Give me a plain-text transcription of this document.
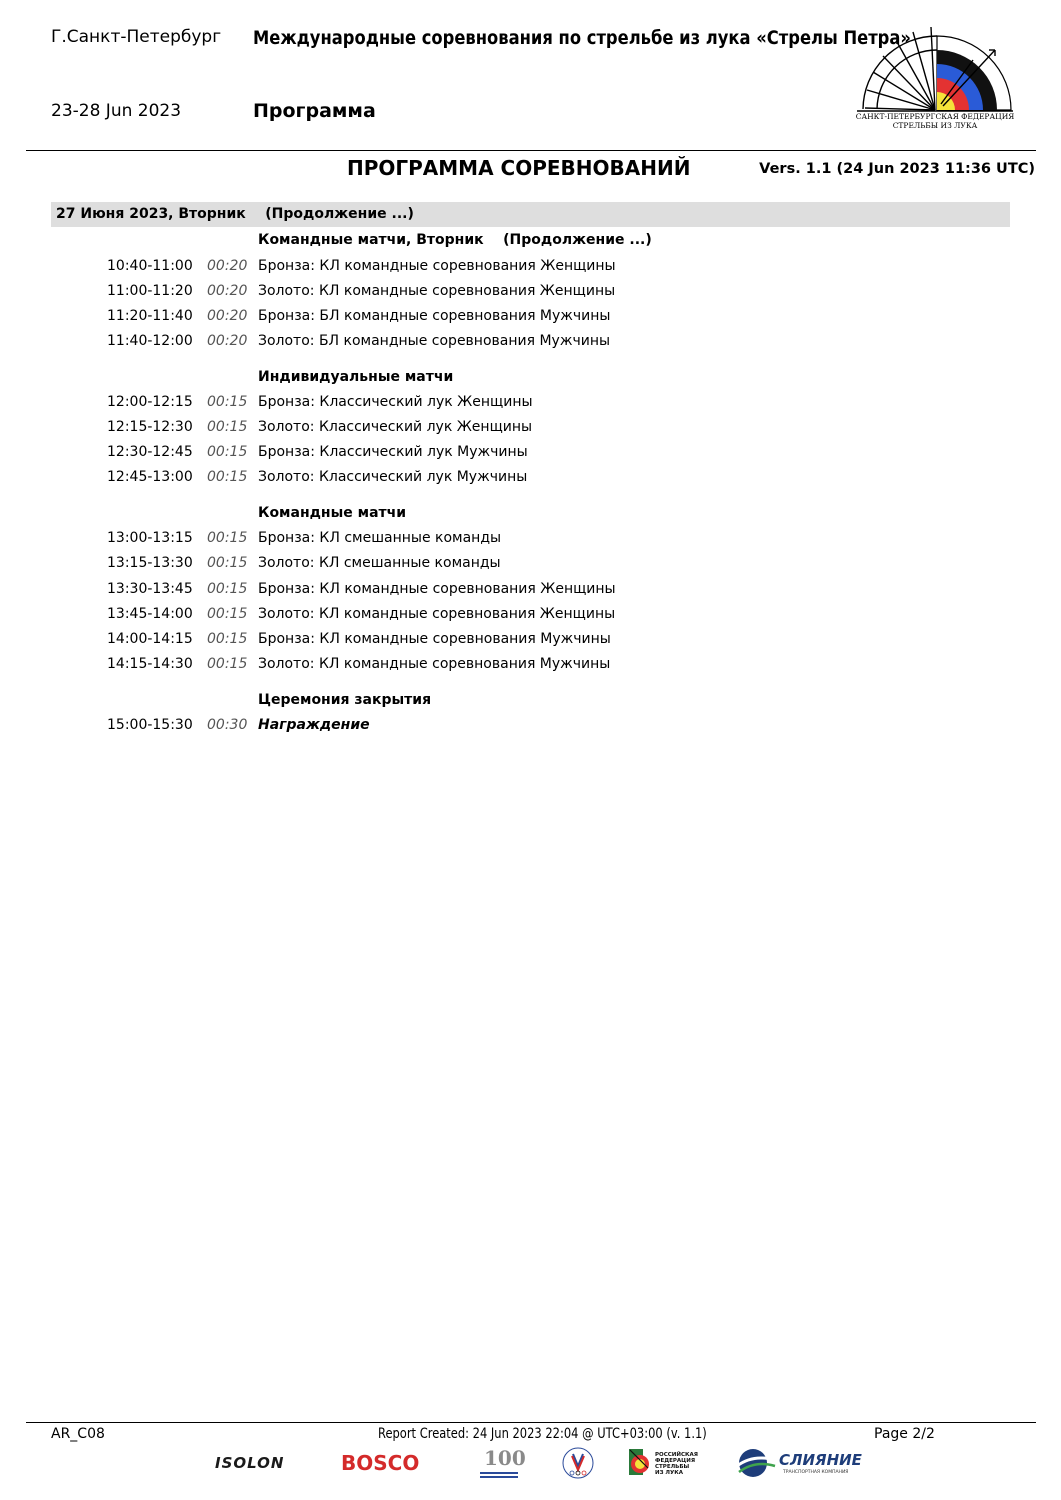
Г.Санкт-Петербург Международные соревнования по стрельбе из лука «Стрелы Петра»
23-28 Jun 2023	Программа	САНКТ-ПЕТЕРБУРГСКАЯ ФЕДЕРАЦИЯ
СТРЕЛЬБЫ ИЗ ЛУКА
ПРОГРАММА СОРЕВНОВАНИЙ	Vers. 1.1 (24 Jun 2023 11:36 UTC)
27 Июня 2023, Вторник    (Продолжение ...)
Командные матчи, Вторник    (Продолжение ...)
10:40-11:00 00:20 Бронза: КЛ командные соревнования Женщины
11:00-11:20 00:20 Золото: КЛ командные соревнования Женщины
11:20-11:40 00:20 Бронза: БЛ командные соревнования Мужчины
11:40-12:00 00:20 Золото: БЛ командные соревнования Мужчины
Индивидуальные матчи
12:00-12:15 00:15 Бронза: Классический лук Женщины
12:15-12:30 00:15 Золото: Классический лук Женщины
12:30-12:45 00:15 Бронза: Классический лук Мужчины
12:45-13:00 00:15 Золото: Классический лук Мужчины
Командные матчи
13:00-13:15 00:15 Бронза: КЛ смешанные команды
13:15-13:30 00:15 Золото: КЛ смешанные команды
13:30-13:45 00:15 Бронза: КЛ командные соревнования Женщины
13:45-14:00 00:15 Золото: КЛ командные соревнования Женщины
14:00-14:15 00:15 Бронза: КЛ командные соревнования Мужчины
14:15-14:30 00:15 Золото: КЛ командные соревнования Мужчины
Церемония закрытия
15:00-15:30 00:30 Награждение
AR_C08	Report Created: 24 Jun 2023 22:04 @ UTC+03:00 (v. 1.1)	Page 2/2
ISOLON	BOSCO	100	РОССИЙСКАЯ ФЕДЕРАЦИЯ СТРЕЛЬБЫ ИЗ ЛУКА
СЛИЯНИЕ
ТРАНСПОРТНАЯ КОМПАНИЯ
